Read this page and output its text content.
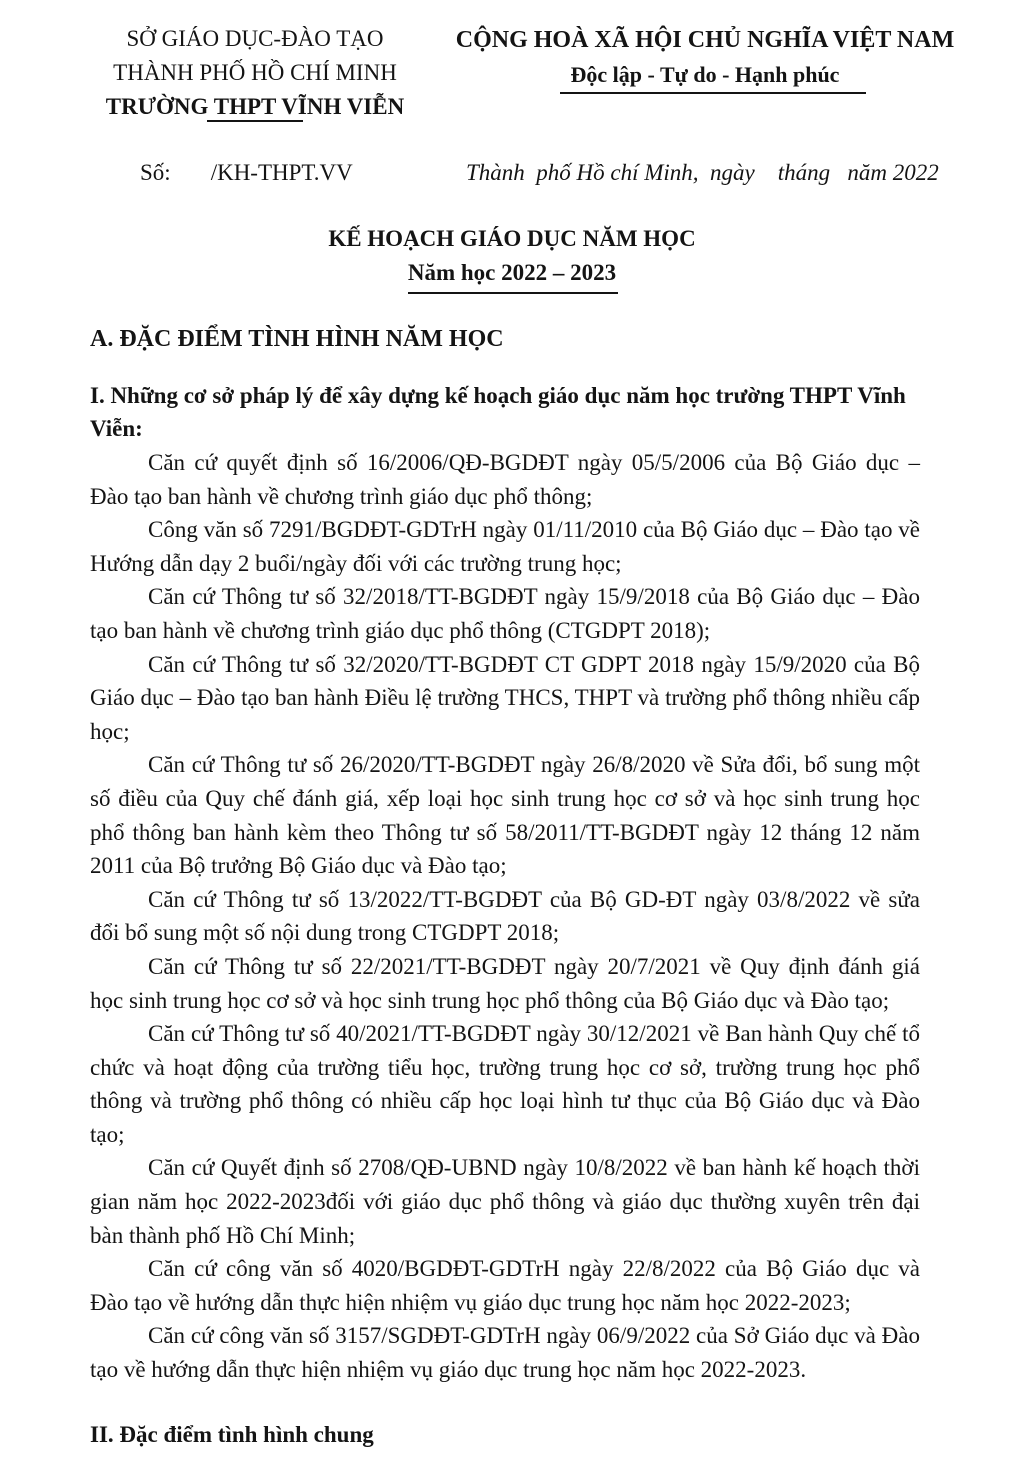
SỞ GIÁO DỤC-ĐÀO TẠO
THÀNH PHỐ HỒ CHÍ MINH
TRƯỜNG THPT VĨNH VIỄN
CỘNG HOÀ XÃ HỘI CHỦ NGHĨA VIỆT NAM
Độc lập - Tự do - Hạnh phúc
Số: /KH-THPT.VV	Thành  phố Hồ chí Minh,  ngày    tháng   năm 2022
KẾ HOẠCH GIÁO DỤC NĂM HỌC
Năm học 2022 – 2023
A. ĐẶC ĐIỂM TÌNH HÌNH NĂM HỌC
I. Những cơ sở pháp lý để xây dựng kế hoạch giáo dục năm học trường THPT Vĩnh Viễn:

Căn cứ quyết định số 16/2006/QĐ-BGDĐT ngày 05/5/2006 của Bộ Giáo dục – Đào tạo ban hành về chương trình giáo dục phổ thông;

Công văn số 7291/BGDĐT-GDTrH ngày 01/11/2010 của Bộ Giáo dục – Đào tạo về Hướng dẫn dạy 2 buổi/ngày đối với các trường trung học;

Căn cứ Thông tư số 32/2018/TT-BGDĐT ngày 15/9/2018 của Bộ Giáo dục – Đào tạo ban hành về chương trình giáo dục phổ thông (CTGDPT 2018);

Căn cứ Thông tư số 32/2020/TT-BGDĐT CT GDPT 2018 ngày 15/9/2020 của Bộ Giáo dục – Đào tạo ban hành Điều lệ trường THCS, THPT và trường phổ thông nhiều cấp học;

Căn cứ Thông tư số 26/2020/TT-BGDĐT ngày 26/8/2020 về Sửa đổi, bổ sung một số điều của Quy chế đánh giá, xếp loại học sinh trung học cơ sở và học sinh trung học phổ thông ban hành kèm theo Thông tư số 58/2011/TT-BGDĐT ngày 12 tháng 12 năm 2011 của Bộ trưởng Bộ Giáo dục và Đào tạo;

Căn cứ Thông tư số 13/2022/TT-BGDĐT của Bộ GD-ĐT ngày 03/8/2022 về sửa đổi bổ sung một số nội dung trong CTGDPT 2018;

Căn cứ Thông tư số 22/2021/TT-BGDĐT ngày 20/7/2021 về Quy định đánh giá học sinh trung học cơ sở và học sinh trung học phổ thông của Bộ Giáo dục và Đào tạo;

Căn cứ Thông tư số 40/2021/TT-BGDĐT ngày 30/12/2021 về Ban hành Quy chế tổ chức và hoạt động của trường tiểu học, trường trung học cơ sở, trường trung học phổ thông và trường phổ thông có nhiều cấp học loại hình tư thục của Bộ Giáo dục và Đào tạo;

Căn cứ Quyết định số 2708/QĐ-UBND ngày 10/8/2022 về ban hành kế hoạch thời gian năm học 2022-2023đối với giáo dục phổ thông và giáo dục thường xuyên trên đại bàn thành phố Hồ Chí Minh;

Căn cứ công văn số 4020/BGDĐT-GDTrH ngày 22/8/2022 của Bộ Giáo dục và Đào tạo về hướng dẫn thực hiện nhiệm vụ giáo dục trung học năm học 2022-2023;

Căn cứ công văn số 3157/SGDĐT-GDTrH ngày 06/9/2022 của Sở Giáo dục và Đào tạo về hướng dẫn thực hiện nhiệm vụ giáo dục trung học năm học 2022-2023.

II. Đặc điểm tình hình chung
